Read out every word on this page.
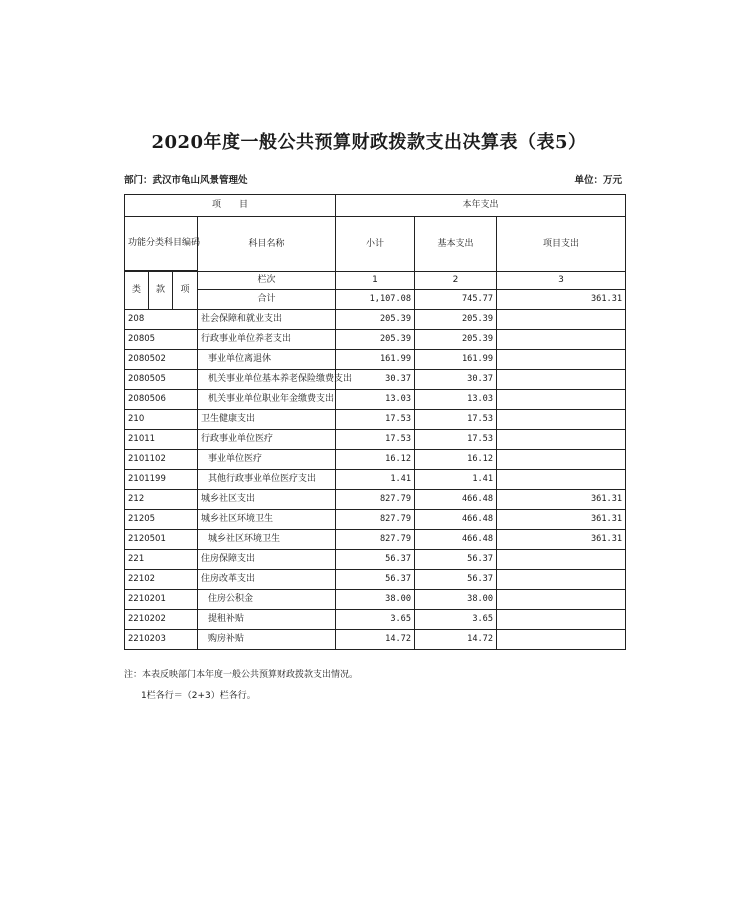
2020年度一般公共预算财政拨款支出决算表（表5）
部门：武汉市龟山风景管理处	单位：万元
项　　目				本年支出		
功能分类科目编码			科目名称	小计	基本支出	项目支出

类	款	项	栏次	1	2	3
			合计	1,107.08	745.77	361.31
208			社会保障和就业支出	205.39	205.39	
20805			行政事业单位养老支出	205.39	205.39	
2080502			事业单位离退休	161.99	161.99	
2080505			机关事业单位基本养老保险缴费支出	30.37	30.37	
2080506			机关事业单位职业年金缴费支出	13.03	13.03	
210			卫生健康支出	17.53	17.53	
21011			行政事业单位医疗	17.53	17.53	
2101102			事业单位医疗	16.12	16.12	
2101199			其他行政事业单位医疗支出	1.41	1.41	
212			城乡社区支出	827.79	466.48	361.31
21205			城乡社区环境卫生	827.79	466.48	361.31
2120501			城乡社区环境卫生	827.79	466.48	361.31
221			住房保障支出	56.37	56.37	
22102			住房改革支出	56.37	56.37	
2210201			住房公积金	38.00	38.00	
2210202			提租补贴	3.65	3.65	
2210203			购房补贴	14.72	14.72	
注：本表反映部门本年度一般公共预算财政拨款支出情况。
1栏各行＝（2+3）栏各行。
